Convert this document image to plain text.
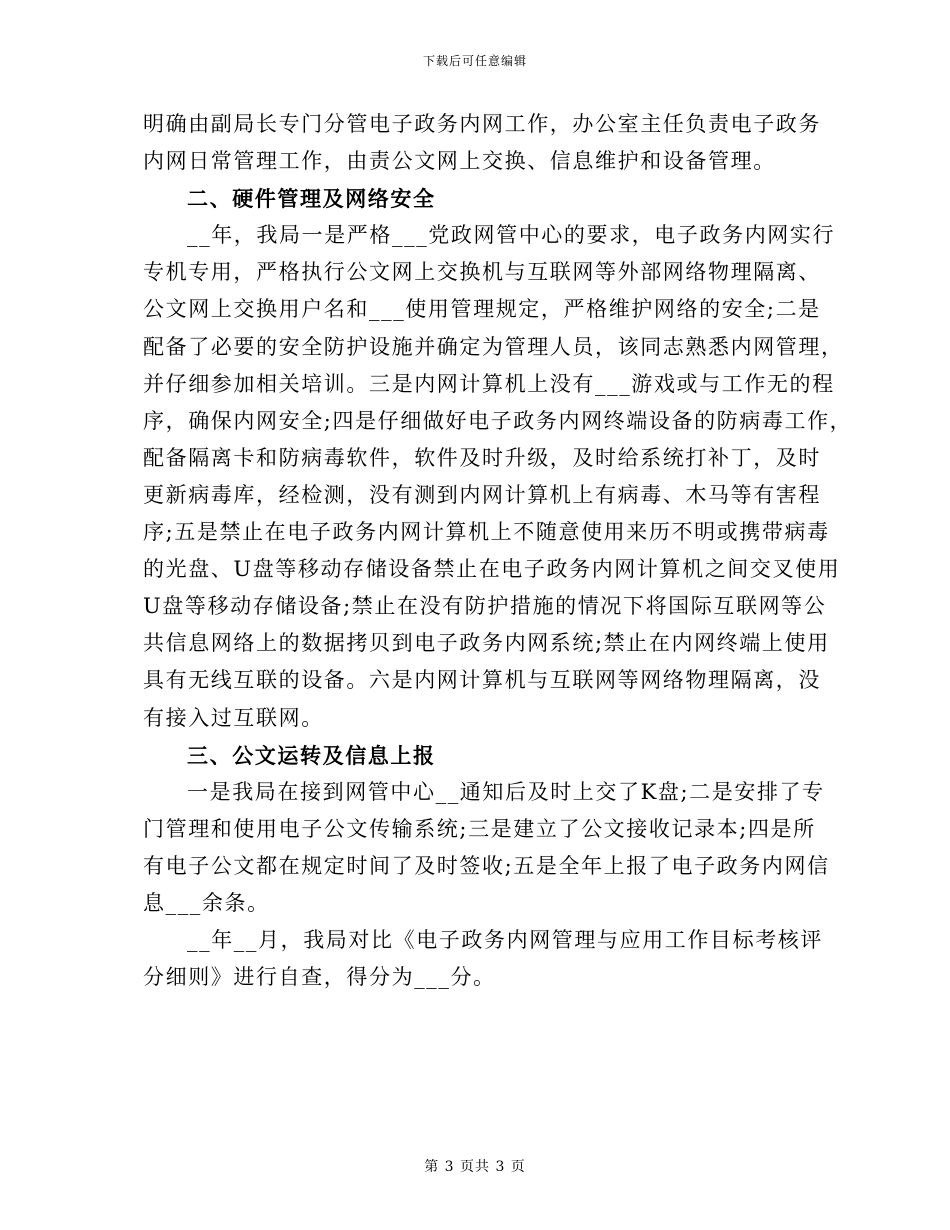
下载后可任意编辑
明确由副局长专门分管电子政务内网工作，办公室主任负责电子政务
内网日常管理工作，由责公文网上交换、信息维护和设备管理。
二、硬件管理及网络安全
__年，我局一是严格___党政网管中心的要求，电子政务内网实行
专机专用，严格执行公文网上交换机与互联网等外部网络物理隔离、
公文网上交换用户名和___使用管理规定，严格维护网络的安全;二是
配备了必要的安全防护设施并确定为管理人员，该同志熟悉内网管理，
并仔细参加相关培训。三是内网计算机上没有___游戏或与工作无的程
序，确保内网安全;四是仔细做好电子政务内网终端设备的防病毒工作，
配备隔离卡和防病毒软件，软件及时升级，及时给系统打补丁，及时
更新病毒库，经检测，没有测到内网计算机上有病毒、木马等有害程
序;五是禁止在电子政务内网计算机上不随意使用来历不明或携带病毒
的光盘、U盘等移动存储设备禁止在电子政务内网计算机之间交叉使用
U盘等移动存储设备;禁止在没有防护措施的情况下将国际互联网等公
共信息网络上的数据拷贝到电子政务内网系统;禁止在内网终端上使用
具有无线互联的设备。六是内网计算机与互联网等网络物理隔离，没
有接入过互联网。
三、公文运转及信息上报
一是我局在接到网管中心__通知后及时上交了K盘;二是安排了专
门管理和使用电子公文传输系统;三是建立了公文接收记录本;四是所
有电子公文都在规定时间了及时签收;五是全年上报了电子政务内网信
息___余条。
__年__月，我局对比《电子政务内网管理与应用工作目标考核评
分细则》进行自查，得分为___分。
第 3 页共 3 页
